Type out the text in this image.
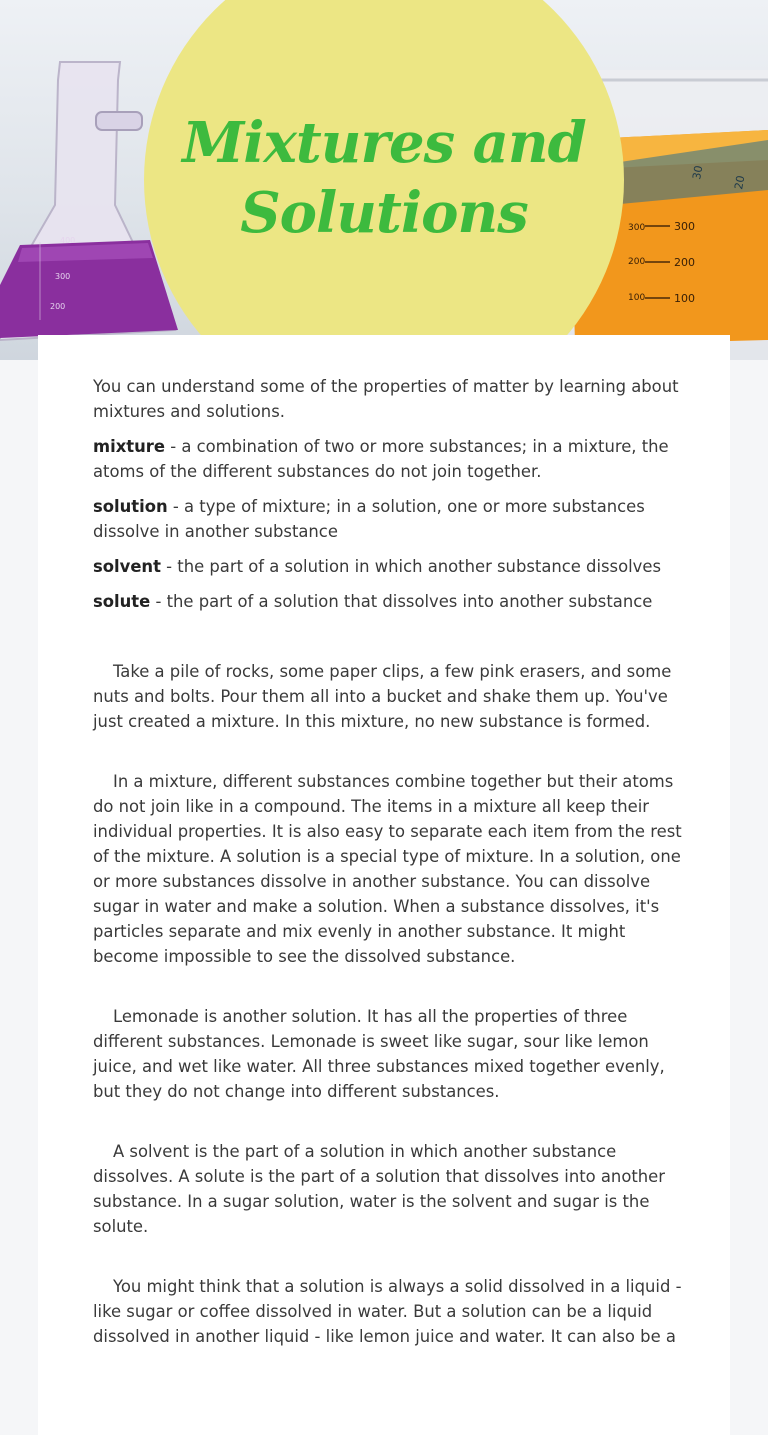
400
300
200
300
200
100
300
200
100
30
20
Mixtures and
Solutions

You can understand some of the properties of matter by learning about mixtures and solutions.

mixture - a combination of two or more substances; in a mixture, the atoms of the different substances do not join together.

solution - a type of mixture; in a solution, one or more substances dissolve in another substance

solvent - the part of a solution in which another substance dissolves

solute - the part of a solution that dissolves into another substance

Take a pile of rocks, some paper clips, a few pink erasers, and some nuts and bolts. Pour them all into a bucket and shake them up. You've just created a mixture. In this mixture, no new substance is formed.

In a mixture, different substances combine together but their atoms do not join like in a compound. The items in a mixture all keep their individual properties. It is also easy to separate each item from the rest of the mixture. A solution is a special type of mixture. In a solution, one or more substances dissolve in another substance. You can dissolve sugar in water and make a solution. When a substance dissolves, it's particles separate and mix evenly in another substance. It might become impossible to see the dissolved substance.

Lemonade is another solution. It has all the properties of three different substances. Lemonade is sweet like sugar, sour like lemon juice, and wet like water. All three substances mixed together evenly, but they do not change into different substances.

A solvent is the part of a solution in which another substance dissolves. A solute is the part of a solution that dissolves into another substance. In a sugar solution, water is the solvent and sugar is the solute.

You might think that a solution is always a solid dissolved in a liquid - like sugar or coffee dissolved in water. But a solution can be a liquid dissolved in another liquid - like lemon juice and water. It can also be a
